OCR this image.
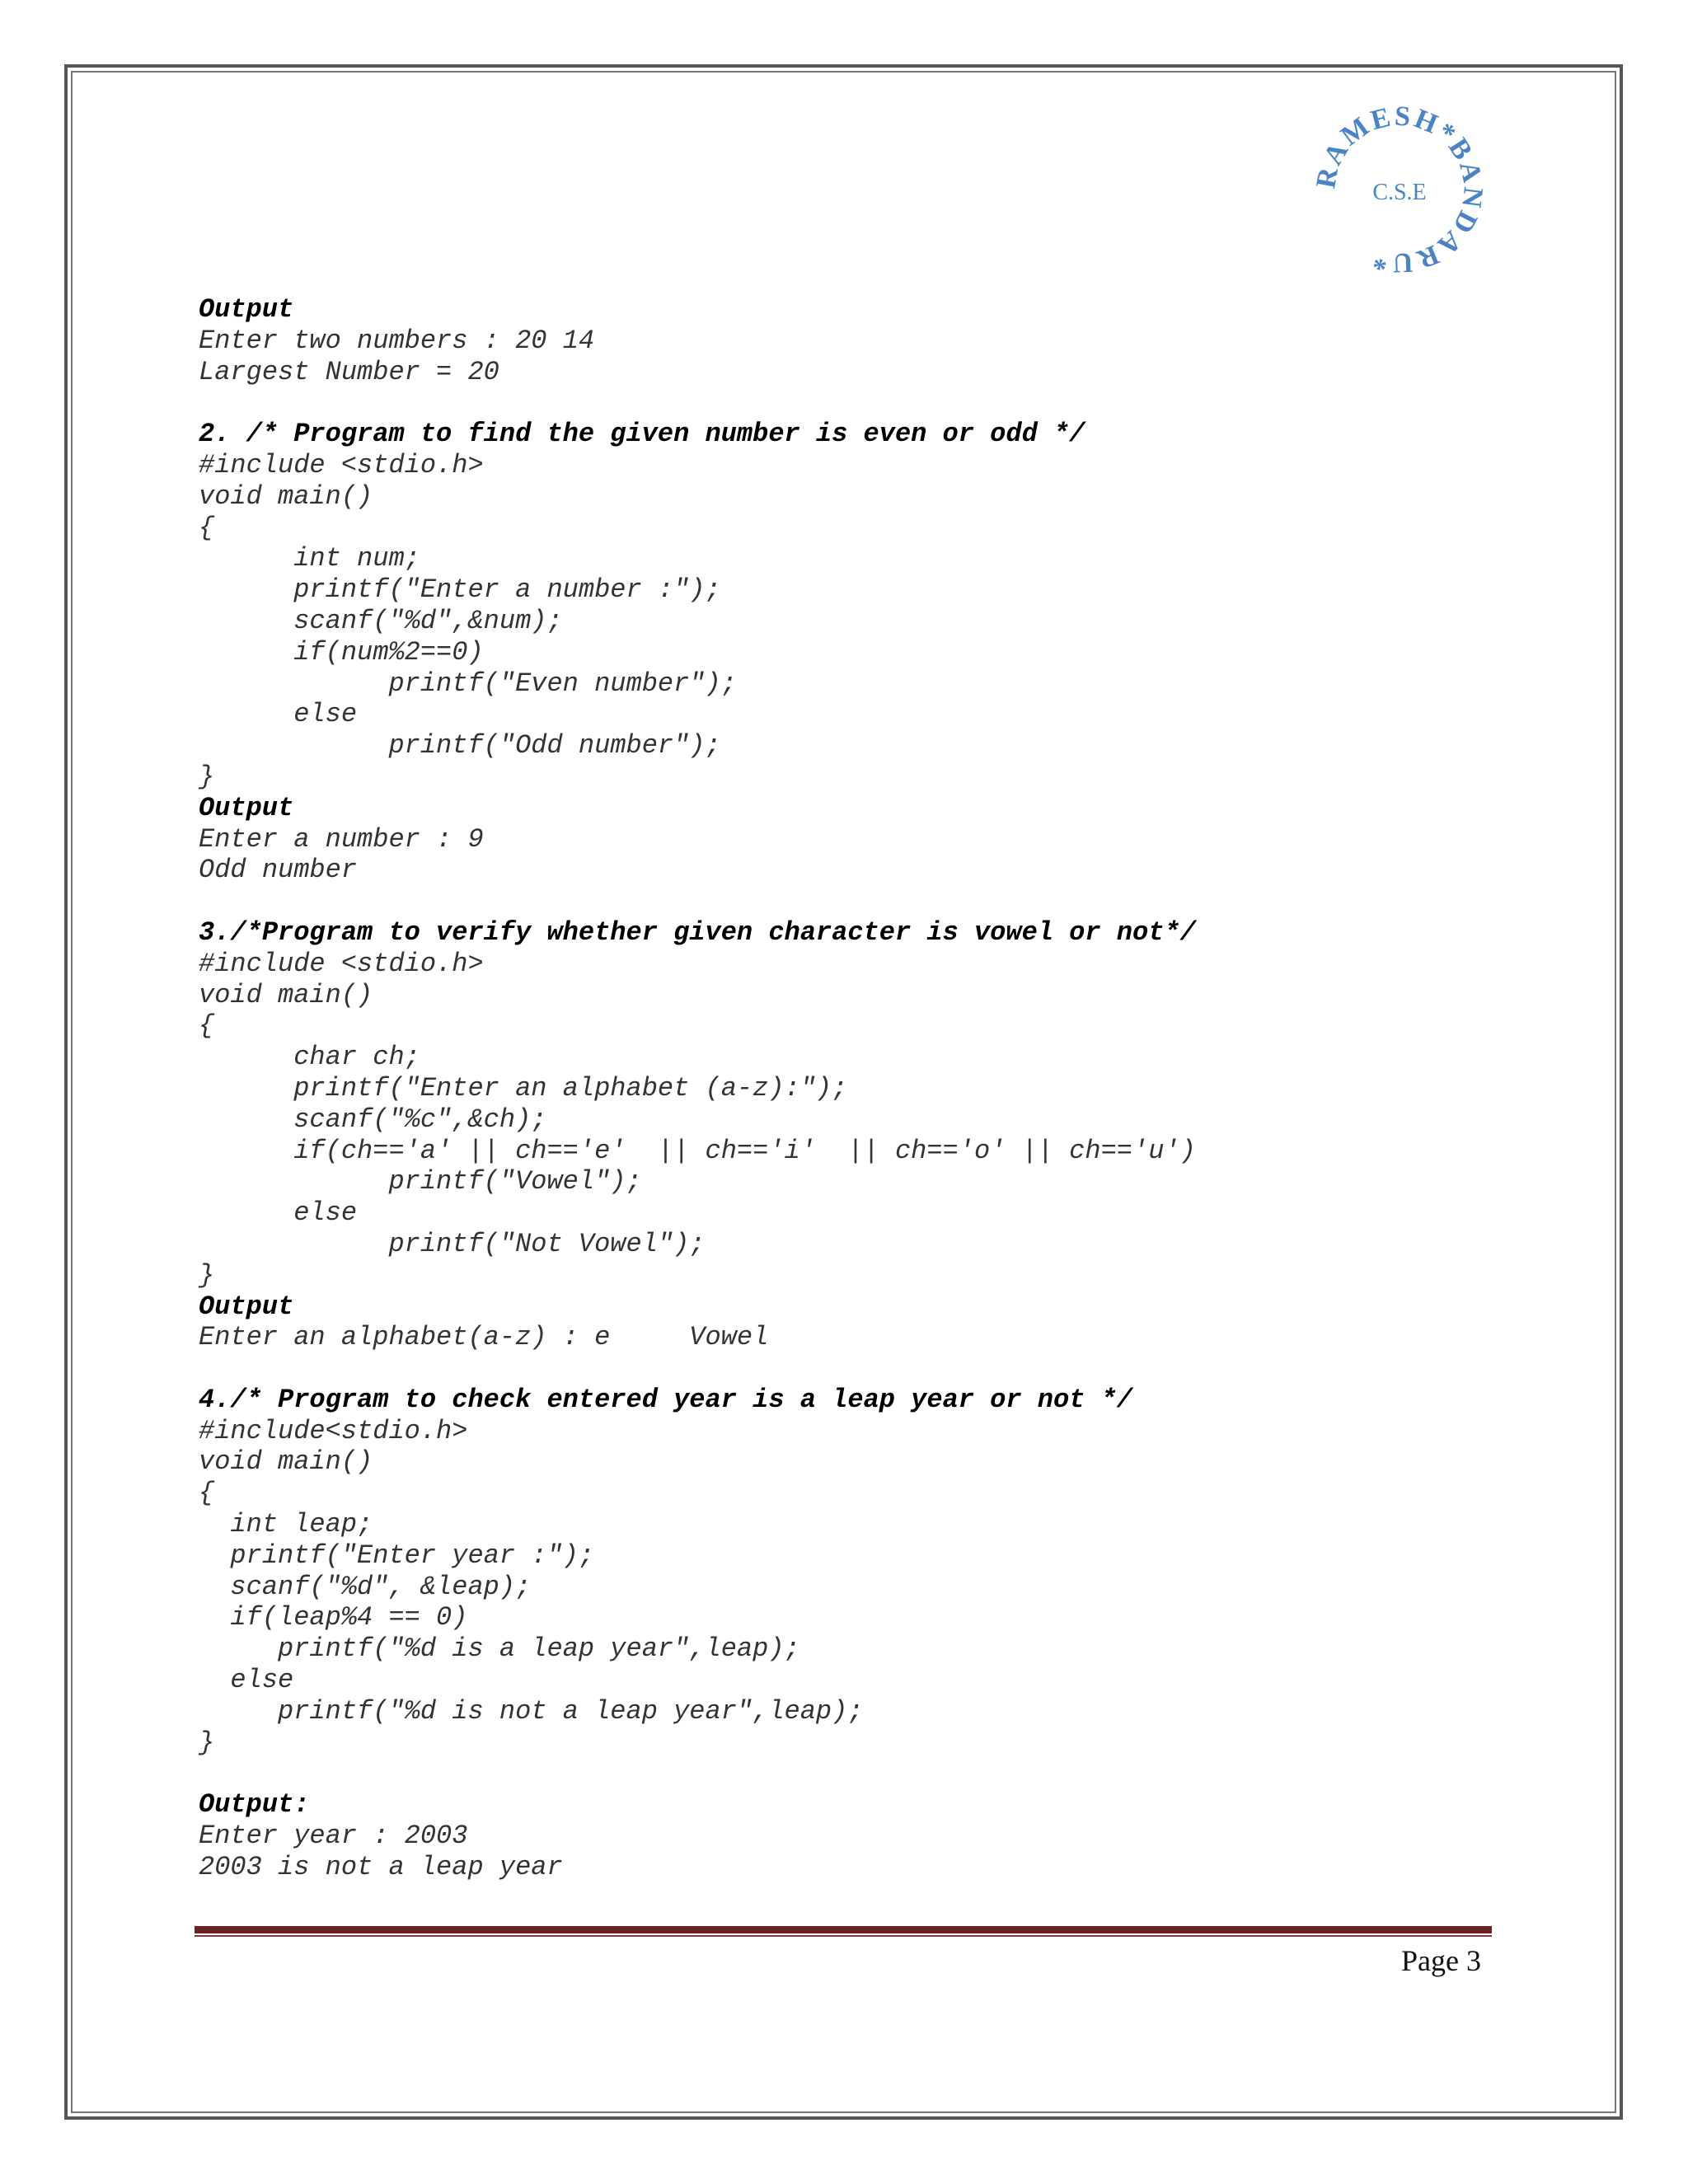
RAMESH*BANDARU*
C.S.E
Output
Enter two numbers : 20 14
Largest Number = 20
2. /* Program to find the given number is even or odd */
#include <stdio.h>
void main()
{
int num;
printf("Enter a number :");
scanf("%d",&num);
if(num%2==0)
printf("Even number");
else
printf("Odd number");
}
Output
Enter a number : 9
Odd number
3./*Program to verify whether given character is vowel or not*/
#include <stdio.h>
void main()
{
char ch;
printf("Enter an alphabet (a-z):");
scanf("%c",&ch);
if(ch=='a' || ch=='e'  || ch=='i'  || ch=='o' || ch=='u')
printf("Vowel");
else
printf("Not Vowel");
}
Output
Enter an alphabet(a-z) : e     Vowel
4./* Program to check entered year is a leap year or not */
#include<stdio.h>
void main()
{
int leap;
printf("Enter year :");
scanf("%d", &leap);
if(leap%4 == 0)
printf("%d is a leap year",leap);
else
printf("%d is not a leap year",leap);
}
Output:
Enter year : 2003
2003 is not a leap year
Page 3
